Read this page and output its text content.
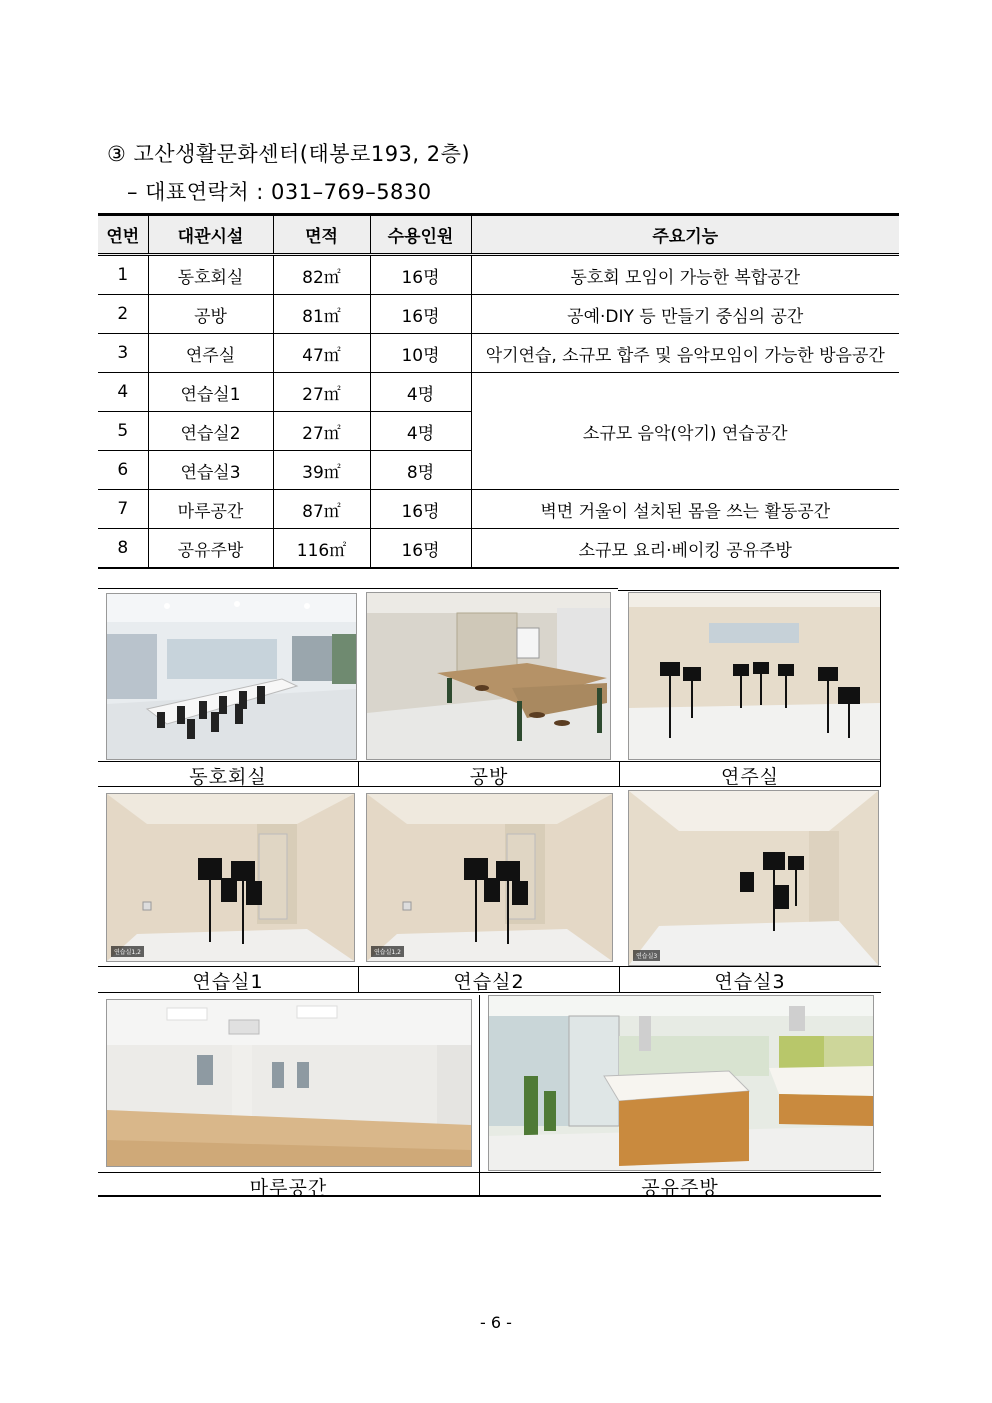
③ 고산생활문화센터(태봉로193, 2층)
– 대표연락처 : 031–769–5830
연번	대관시설	면적	수용인원	주요기능
1	동호회실	82㎡	16명	동호회 모임이 가능한 복합공간
2	공방	81㎡	16명	공예·DIY 등 만들기 중심의 공간
3	연주실	47㎡	10명	악기연습, 소규모 합주 및 음악모임이 가능한 방음공간
4	연습실1	27㎡	4명	소규모 음악(악기) 연습공간
5	연습실2	27㎡	4명	
6	연습실3	39㎡	8명	
7	마루공간	87㎡	16명	벽면 거울이 설치된 몸을 쓰는 활동공간
8	공유주방	116㎡	16명	소규모 요리·베이킹 공유주방
동호회실	공방	연주실
연습실1,2	연습실1,2
연습실3
연습실1	연습실2	연습실3
마루공간	공유주방
- 6 -
